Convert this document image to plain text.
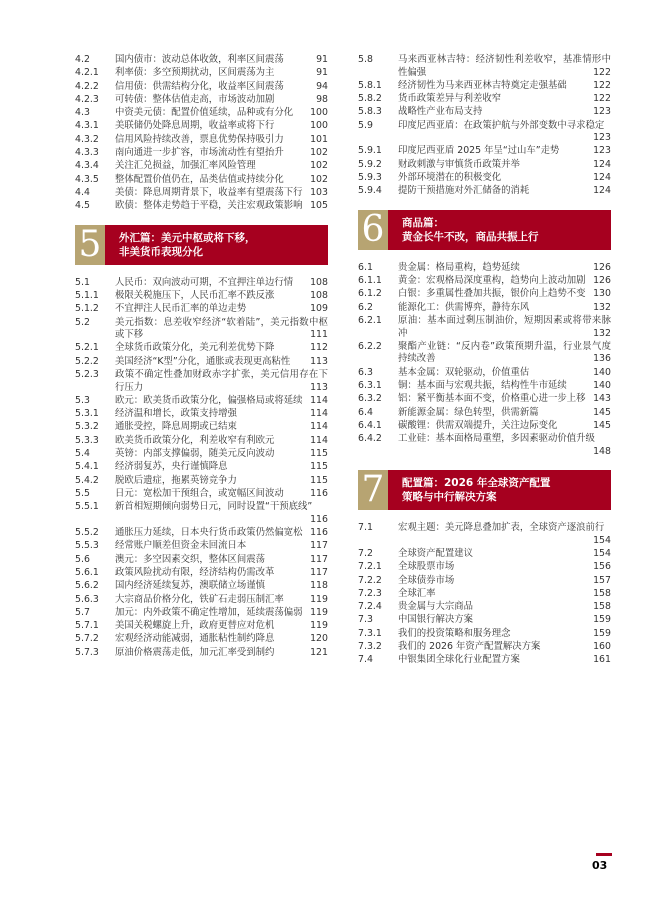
4.2	国内债市：波动总体收敛，利率区间震荡	91
4.2.1	利率债：多空预期扰动，区间震荡为主	91
4.2.2	信用债：供需结构分化，收益率区间震荡	94
4.2.3	可转债：整体估值走高，市场波动加剧	98
4.3	中资美元债：配置价值延续，品种或有分化 100
4.3.1	美联储仍处降息周期，收益率或将下行	100
4.3.2	信用风险持续改善，票息优势保持吸引力	101
4.3.3	南向通进一步扩容，市场流动性有望抬升	102
4.3.4	关注汇兑损益，加强汇率风险管理	102
4.3.5	整体配置价值仍在，品类估值或持续分化	102
4.4	美债：降息周期背景下，收益率有望震荡下行 103
4.5	欧债：整体走势趋于平稳，关注宏观政策影响 105
5	外汇篇：美元中枢或将下移，
非美货币表现分化
5.1	人民币：双向波动可期，不宜押注单边行情 108
5.1.1	极限关税施压下，人民币汇率不跌反涨	108
5.1.2	不宜押注人民币汇率的单边走势	109
5.2	美元指数：息差收窄经济“软着陆”，美元指数中枢或下移	111
5.2.1	全球货币政策分化，美元利差优势下降	112
5.2.2	美国经济“K型”分化，通胀或表现更高粘性 113
5.2.3	政策不确定性叠加财政赤字扩张，美元信用存在下行压力	113
5.3	欧元：欧美货币政策分化，偏强格局或将延续 114
5.3.1	经济温和增长，政策支持增强	114
5.3.2	通胀受控，降息周期或已结束	114
5.3.3	欧美货币政策分化，利差收窄有利欧元	114
5.4	英镑：内部支撑偏弱，随美元反向波动	115
5.4.1	经济弱复苏，央行谨慎降息	115
5.4.2	脱欧后遗症，拖累英镑竞争力	115
5.5	日元：宽松加干预组合，或宽幅区间波动	116
5.5.1	新首相短期倾向弱势日元，同时设置“干预底线”
116
5.5.2	通胀压力延续，日本央行货币政策仍然偏宽松 116
5.5.3	经常账户顺差但资金未回流日本	117
5.6	澳元：多空因素交织，整体区间震荡	117
5.6.1	政策风险扰动有限，经济结构仍需改革	117
5.6.2	国内经济延续复苏，澳联储立场谨慎	118
5.6.3	大宗商品价格分化，铁矿石走弱压制汇率	119
5.7	加元：内外政策不确定性增加，延续震荡偏弱 119
5.7.1	美国关税螺旋上升，政府更替应对危机	119
5.7.2	宏观经济动能减弱，通胀粘性制约降息	120
5.7.3	原油价格震荡走低，加元汇率受到制约	121
5.8	马来西亚林吉特：经济韧性利差收窄，基准情形中性偏强	122
5.8.1	经济韧性为马来西亚林吉特奠定走强基础	122
5.8.2	货币政策差异与利差收窄	122
5.8.3	战略性产业布局支持	123
5.9	印度尼西亚盾：在政策护航与外部变数中寻求稳定
123
5.9.1	印度尼西亚盾 2025 年呈“过山车”走势	123
5.9.2	财政刺激与审慎货币政策并举	124
5.9.3	外部环境潜在的积极变化	124
5.9.4	提防干预措施对外汇储备的消耗	124
6	商品篇：
黄金长牛不改，商品共振上行
6.1	贵金属：格局重构，趋势延续	126
6.1.1	黄金：宏观格局深度重构，趋势向上波动加剧 126
6.1.2	白银：多重属性叠加共振，银价向上趋势不变 130
6.2	能源化工：供需博弈，静待东风	132
6.2.1	原油：基本面过剩压制油价，短期因素或将带来脉冲	132
6.2.2	聚酯产业链：“反内卷”政策预期升温，行业景气度持续改善	136
6.3	基本金属：双轮驱动，价值重估	140
6.3.1	铜：基本面与宏观共振，结构性牛市延续	140
6.3.2	铝：紧平衡基本面不变，价格重心进一步上移 143
6.4	新能源金属：绿色转型，供需新篇	145
6.4.1	碳酸锂：供需双端提升，关注边际变化	145
6.4.2	工业硅：基本面格局重塑，多因素驱动价值升级
148
7	配置篇：2026 年全球资产配置
策略与中行解决方案
7.1	宏观主题：美元降息叠加扩表，全球资产逐浪前行
154
7.2	全球资产配置建议	154
7.2.1	全球股票市场	156
7.2.2	全球债券市场	157
7.2.3	全球汇率	158
7.2.4	贵金属与大宗商品	158
7.3	中国银行解决方案	159
7.3.1	我们的投资策略和服务理念	159
7.3.2	我们的 2026 年资产配置解决方案	160
7.4	中银集团全球化行业配置方案	161
03
